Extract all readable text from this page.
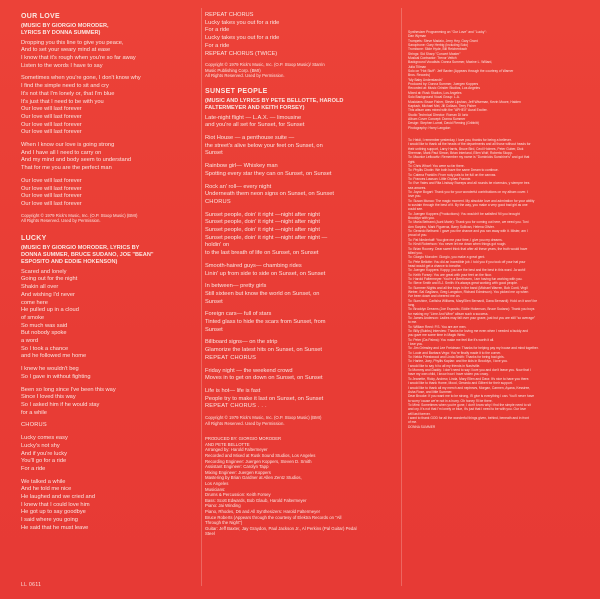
OUR LOVE
(MUSIC BY GIORGIO MORODER,
LYRICS BY DONNA SUMMER)
Dropping you this line to give you peace,
And to set your weary mind at ease
I know that it's rough when you're so far away
Listen to the words I have to say
Sometimes when you're gone, I don't know why
I find the simple need to sit and cry
It's not that I'm lonely or, that I'm blue
It's just that I need to be with you
Our love will last forever
Our love will last forever
Our love will last forever
Our love will last forever
When I know our love is going strong
And I have all I need to carry on
And my mind and body seem to understand
That for me you are the perfect man
Our love will last forever
Our love will last forever
Our love will last forever
Our love will last forever
Copyright © 1979 Rick's Music, Inc. (O.P. Stoop Music) (BMI)
All Rights Reserved. Used by Permission.
LUCKY
(MUSIC BY GIORGIO MORODER, LYRICS BY
DONNA SUMMER, BRUCE SUDANO, JOE "BEAN"
ESPOSITO AND EDDIE HOKENSON)
Scared and lonely
Going out for the night
Shakin all over
And wishing I'd never
come here
He pulled up in a cloud
of smoke
So much was said
But nobody spoke
a word
So I took a chance
and he followed me home
I knew he wouldn't beg
So I gave in without fighting
Been so long since I've been this way
Since I loved this way
So I asked him if he would stay
for a while
CHORUS
Lucky comes easy
Lucky's not shy
And if you're lucky
You'll go for a ride
For a ride
We talked a while
And he told me nice
He laughed and we cried and
I knew that I could love him
He got up to say goodbye
I said where you going
He said that he must leave
REPEAT CHORUS
Lucky takes you out for a ride
For a ride
Lucky takes you out for a ride
For a ride
REPEAT CHORUS (TWICE)
Copyright © 1979 Rick's Music, Inc. (O.P. Stoop Music)/ Starrin
Music Publishing Corp. (BMI)
All Rights Reserved. Used by Permission.
SUNSET PEOPLE
(MUSIC AND LYRICS BY PETE BELLOTTE, HAROLD
FALTERMEYER AND KEITH FORSEY)
Late-night flight — L.A.X. — limousine
and you're all set for Sunset, for Sunset
Riot House — a penthouse suite —
the street's alive below your feet on Sunset, on
Sunset
Rainbow girl— Whiskey man
Spotting every star they can on Sunset, on Sunset
Rock an' roll— every night
Underneath them neon signs on Sunset, on Sunset
CHORUS
Sunset people, doin' it right —night after night
Sunset people, doin' it right —night after night
Sunset people, doin' it right —night after night
Sunset people, doin' it right —night after night —
holdin' on
to the last breath of life on Sunset, on Sunset
Smooth-haired guys— chambing rides
Linin' up from side to side on Sunset, on Sunset
In between— pretty girls
Still sixteen but know the world on Sunset, on
Sunset
Foreign cars— full of stars
Tinted glass to hide the scars from Sunset, from
Sunset
Billboard signs— on the strip
Glamorize the latest hits on Sunset, on Sunset
REPEAT CHORUS
Friday night — the weekend crowd
Moves in to get on down on Sunset, on Sunset
Life is hot— life is fast
People try to make it last on Sunset, on Sunset
REPEAT CHORUS . . .
Copyright © 1979 Rick's Music, Inc. (O.P. Stoop Music) (BMI)
All Rights Reserved. Used by Permission.
PRODUCED BY: GIORGIO MORODER
AND PETE BELLOTTE
Arranged by: Harold Faltermeyer
Recorded and Mixed at Rusk Sound Studios, Los Angeles
Recording Engineer: Juergen Koppers, Steven D. Smith
Assistant Engineer: Carolyn Tapp
Mixing Engineer: Juergen Koppers
Mastering by Brian Gardner at Allen Zentz Studios,
Los Angeles
Musicians:
Drums & Percussion: Keith Forsey
Bass: Scott Edwards, Bob Glaub, Harold Faltermeyer
Piano: Jai Winding
Piano, Rhodes, D6 and All Synthesizers: Harold Faltermeyer
Bruce Roberts (Appears through the courtesy of Elektra Records on "All
Through the Night")
Guitar: Jeff Baxter, Jay Graydon, Paul Jackson Jr., Al Perkins (Pal Guitar) Pedal
Steel
Synthesizer Programming on "Our Love" and "Lucky":
Dan Wyman
Trumpets: Steve Madaio, Jerry Hey, Gary Grant
Saxophone: Gary Herbig (Including Solo)
Trombone: Slide Hyde, Bill Reichenbach
Strings: Sid Sharp "Concert Master"
Musical Contractor: Trevor Veitch
Background Vocalists: Donna Summer, Maxine L. Willard,
Julia Tillman
Solo on "Hot Stuff": Jeff Baxter (Appears through the courtesy of Warner
Bros. Records)
"My Baby Understands"
Produced by: Donna Summer, Juergen Koppers
Recorded at: Music Grinder Studios, Los Angeles
Mixed at: Rusk Studios, Los Angeles
Solo Background Vocal Group: L.A.
Musicians: Bruce Fisher, Stevie Lipshan, Jeff Wiseman, Kevin Moore, Haiden
Kaplush, Michael Mel, Jill Collazo, Terry Fisher
This album was mixed with the "APHEX" Aural Exciter.
Studio Technical Director: Roman Di Iorio
Album Cover Concept: Donna Summer
Design: Stephen Lumel, David Fleming (Gribbitt)
Photography: Harry Langdon
To: Heidi, I remember yesterday, I love you, thanks for being a believer.
I would like to thank all the heads of the departments and all those without heads for
their untiring support, Larry Harris, Bruce Bird, Cecil Holmes, Peter Guber, Dick
Sherman, Mark Paul Simon, Brian Interland, Ellen Wolf, Roberta Skopp.
To: Maurice Lefkowitz: Remember my name is "Dominicks Sunshine's" and got that
right.
To: Chris Wharf: You were so far there.
To: Phyllis Chotin: We both have the same Dream to continue.
To: Catena Franklin: From rudy pals to be full on the canvas.
To: Frances Lawson: Little Orphan Frannie.
To: Eve Yates and Rita Lindsay Sweeps and all rounds be nicensics, y siempre tres
sea amores.
To: Joyce Bogart: Thank you for your wonderful contributions on my album cover. I
love you.
To: Susan Munao: The magic moment. My absolute love and admiration for your ability
to sustain through the best of it. By the way, you make a very good bad girl as one
could see.
To: Juergen Koppers (Productions): You wouldn't be satisfied 'till you brought
Brooklyn with you.
To: Maria Beltrami (Aunt Marie): Thank you for coming out here, we need you. Toni
Ann Sarpino, Mark Figueroa, Barry Sullivan, Helena Olivier.
To: Gerardo Beltrami: I gave you the chance and you ran away with it. Mister, am I
proud of you.
To: Pat Niederhoff: You give me your time, I give you my dreams.
To: Kirsti Robertson: You never let me down when things got rough.
To: Brian Rooney: Dear sweet think that after all these years, the truth would have
killed you.
To: Giorgio Moroder: Giorgio, you make a great gent.
To: Pete Bellotte: You did an incredible job. I told you if you took off your hat your
head would get a chance to breathe.
To: Juergen Koppers: Koppy, you are the best and the best in this word. Ja wohl!
To: Keith Forsey: You are great with your feet on the floor.
To: Harold Faltermeyer: You're a Beethoven, I am having fun working with you.
To: Steve Smith and B.J. Smith: It's always great working with good people.
To: Summer Nights and all the boys in the band (Michael Warren, Bob Conti, Virgil
Weber, Sal Gagliano, Greg Langston, Richard Edminson). You picked me up when
I've been down and cheered me on.
To: Sunshine, Carlisha Williams, MaryEllen Bernardi, Dana Bernardi): Hold on it won't be
long.
To: Brooklyn Dreams (Joe Esposito, Eddie Hokenson, Bruce Sudano): Thank you boys
for making my "Lime And Wine" album such a success.
To: James Anderson: Ladies may fall over your grave, just but you are still "so average"
to me.
To: William Reed: P.S. You are are men.
To: Billy (Bubbs) Interview: Thanks for loving me even when I needed a buddy and
you gave me some time in Magic West.
To: Peter (Da Palma): You make me feel like it's worth it all.
I love you.
To: Jim Grimsley and Lee Freidman: Thanks for helping pay my house and mind together.
To: Louie and Barbara Vega: You're finally made it to the corner.
To: Nelda Priestwood and Linda Smith: Thanks for being bad girls.
To: Harlee, Joey, Phyllis Kaplan: and the kids in Brooklyn, I love you.
I would like to say hi to all my friends in Nashville.
To Mommy and Daddy: I don't need to say I love you and don't leave you. Now that I
have my own child, I know how I have stolen you crazy.
To Jeanette, Ricky, Andrew, Linda, Mary Ellen and Dara: It's nice to have you there.
I would like to thank Home, Mood, Gerardo and Gilbert for their support.
I would like to thank all my merch and nephews, Morgan, Carmen, Ayana, Kessiree,
Asha Rose, and little Summer.
Dear Brooke: If you want me to be strong, I'll give is everything I can. You'll never have
to worry 'cause we're not in a hurry. Oh honey I'll be there.
To Mimi: Sometimes when you're gone, I don't know why I find the simple need to sit
and cry. It's not that I'm lonely or blue, it's just that I need to be with you. Our love
will last forever.
I want to thank GOD for all the wonderful things given, behind, beneath and in front
of me.
DONNA SUMMER
LL 0611
